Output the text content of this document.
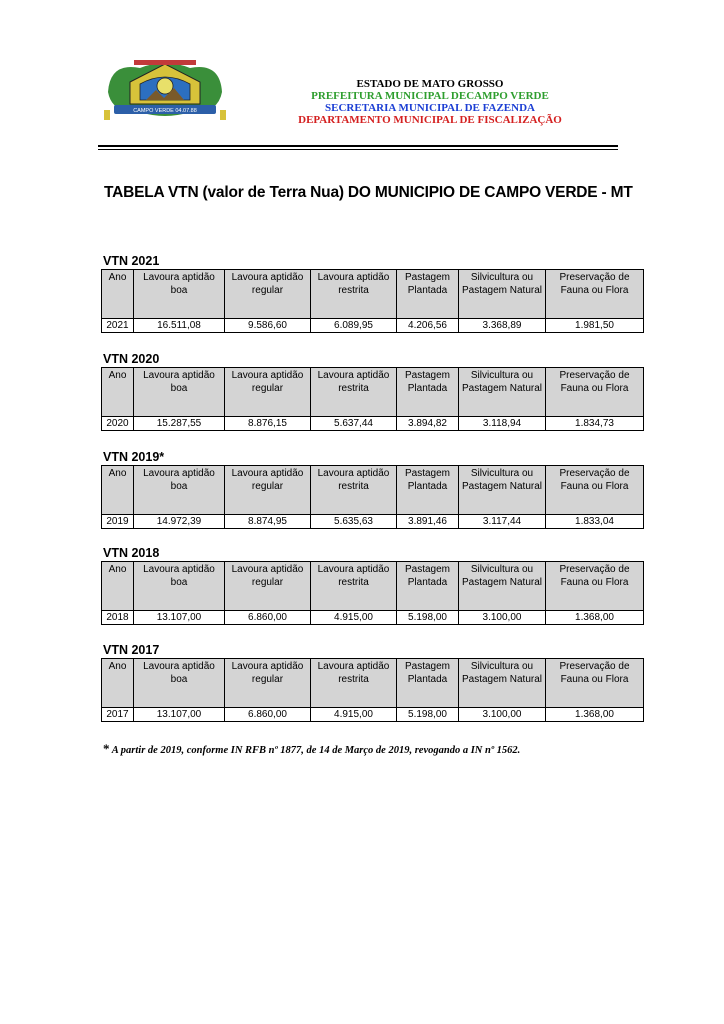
CAMPO VERDE 04.07.88
ESTADO DE MATO GROSSO
PREFEITURA MUNICIPAL DECAMPO VERDE
SECRETARIA MUNICIPAL DE FAZENDA
DEPARTAMENTO MUNICIPAL DE FISCALIZAÇÃO
TABELA VTN (valor de Terra Nua) DO MUNICIPIO DE CAMPO VERDE - MT
VTN 2021
Ano	Lavoura aptidão boa	Lavoura aptidão regular	Lavoura aptidão restrita	Pastagem Plantada	Silvicultura ou Pastagem Natural	Preservação de Fauna ou Flora
2021	16.511,08	9.586,60	6.089,95	4.206,56	3.368,89	1.981,50
VTN 2020
Ano	Lavoura aptidão boa	Lavoura aptidão regular	Lavoura aptidão restrita	Pastagem Plantada	Silvicultura ou Pastagem Natural	Preservação de Fauna ou Flora
2020	15.287,55	8.876,15	5.637,44	3.894,82	3.118,94	1.834,73
VTN 2019*
Ano	Lavoura aptidão boa	Lavoura aptidão regular	Lavoura aptidão restrita	Pastagem Plantada	Silvicultura ou Pastagem Natural	Preservação de Fauna ou Flora
2019	14.972,39	8.874,95	5.635,63	3.891,46	3.117,44	1.833,04
VTN 2018
Ano	Lavoura aptidão boa	Lavoura aptidão regular	Lavoura aptidão restrita	Pastagem Plantada	Silvicultura ou Pastagem Natural	Preservação de Fauna ou Flora
2018	13.107,00	6.860,00	4.915,00	5.198,00	3.100,00	1.368,00
VTN 2017
Ano	Lavoura aptidão boa	Lavoura aptidão regular	Lavoura aptidão restrita	Pastagem Plantada	Silvicultura ou Pastagem Natural	Preservação de Fauna ou Flora
2017	13.107,00	6.860,00	4.915,00	5.198,00	3.100,00	1.368,00
* A partir de 2019, conforme IN RFB nº 1877, de 14 de Março de 2019, revogando a IN nº 1562.
